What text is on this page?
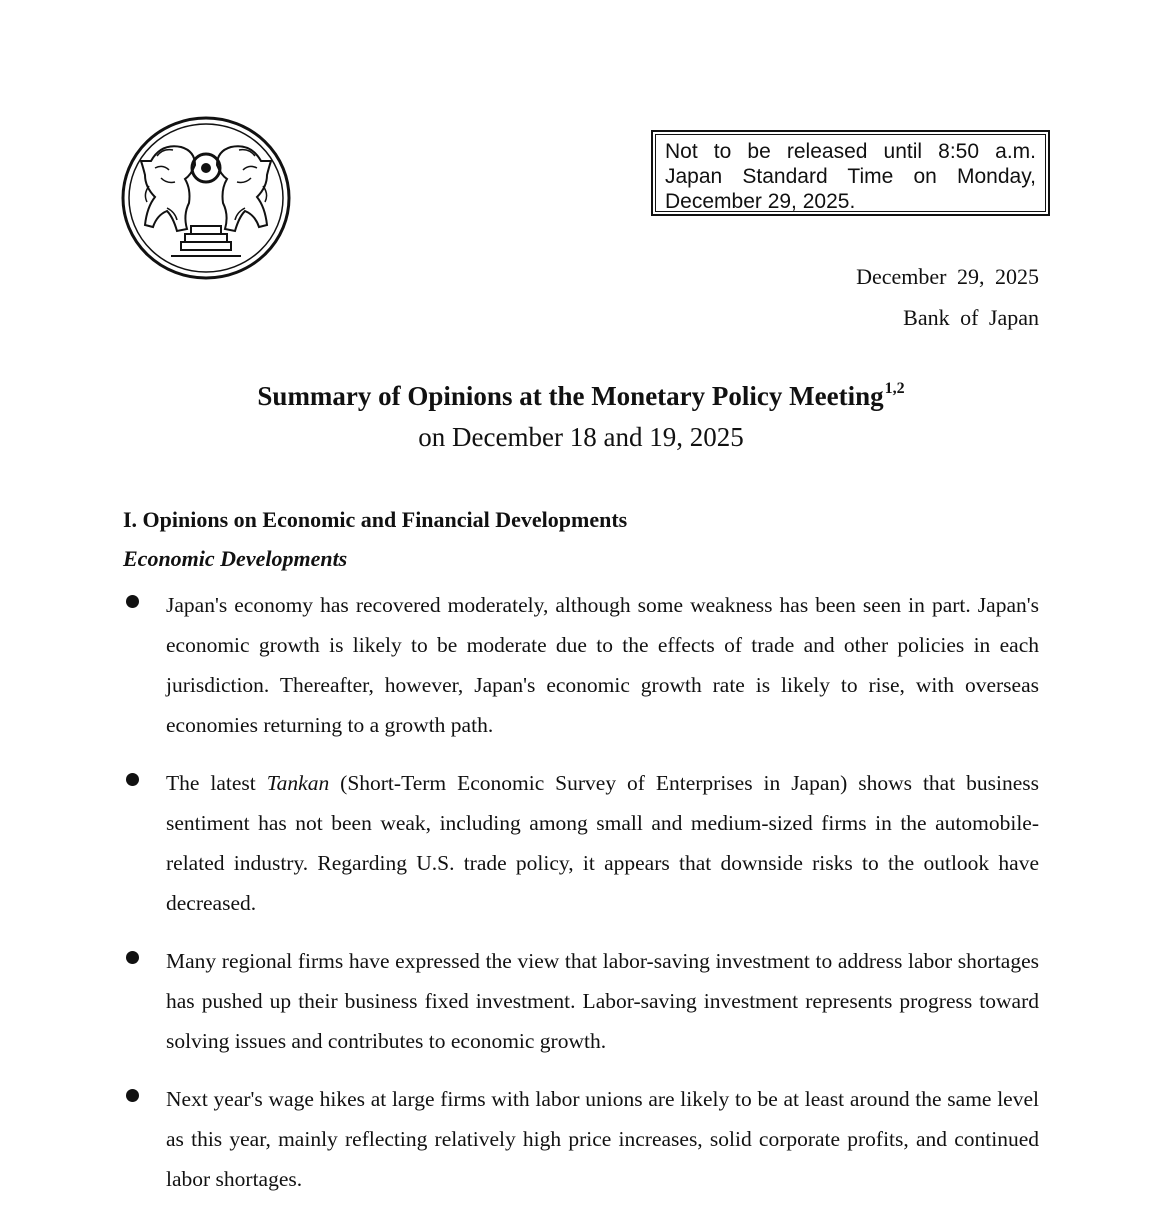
Not to be released until 8:50 a.m.
Japan Standard Time on Monday,
December 29, 2025.
December 29, 2025
Bank of Japan
Summary of Opinions at the Monetary Policy Meeting$^{1,2}$
on December 18 and 19, 2025
I. Opinions on Economic and Financial Developments
Economic Developments
Japan's economy has recovered moderately, although some weakness has been seen in part. Japan's economic growth is likely to be moderate due to the effects of trade and other policies in each jurisdiction. Thereafter, however, Japan's economic growth rate is likely to rise, with overseas economies returning to a growth path.
The latest Tankan (Short-Term Economic Survey of Enterprises in Japan) shows that business sentiment has not been weak, including among small and medium-sized firms in the automobile-related industry. Regarding U.S. trade policy, it appears that downside risks to the outlook have decreased.
Many regional firms have expressed the view that labor-saving investment to address labor shortages has pushed up their business fixed investment. Labor-saving investment represents progress toward solving issues and contributes to economic growth.
Next year's wage hikes at large firms with labor unions are likely to be at least around the same level as this year, mainly reflecting relatively high price increases, solid corporate profits, and continued labor shortages.
